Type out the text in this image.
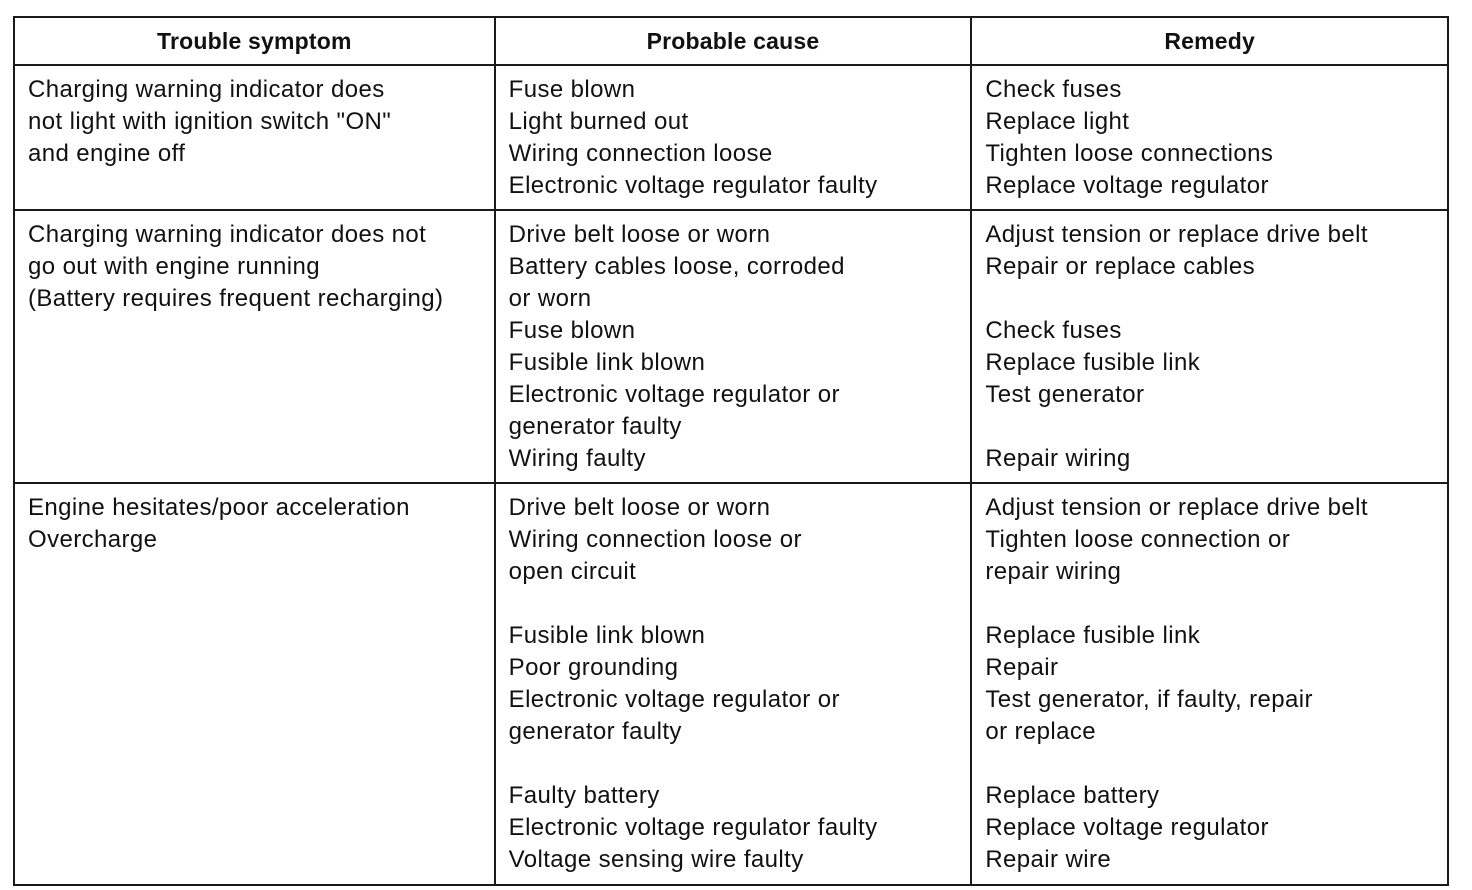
Trouble symptom	Probable cause	Remedy
Charging warning indicator does
not light with ignition switch "ON"
and engine off
Fuse blown
Light burned out
Wiring connection loose
Electronic voltage regulator faulty
Check fuses
Replace light
Tighten loose connections
Replace voltage regulator
Charging warning indicator does not
go out with engine running
(Battery requires frequent recharging)
Drive belt loose or worn
Battery cables loose, corroded
or worn
Fuse blown
Fusible link blown
Electronic voltage regulator or
generator faulty
Wiring faulty
Adjust tension or replace drive belt
Repair or replace cables
Check fuses
Replace fusible link
Test generator
Repair wiring
Engine hesitates/poor acceleration
Overcharge
Drive belt loose or worn
Wiring connection loose or
open circuit
Fusible link blown
Poor grounding
Electronic voltage regulator or
generator faulty
Faulty battery
Electronic voltage regulator faulty
Voltage sensing wire faulty
Adjust tension or replace drive belt
Tighten loose connection or
repair wiring
Replace fusible link
Repair
Test generator, if faulty, repair
or replace
Replace battery
Replace voltage regulator
Repair wire
